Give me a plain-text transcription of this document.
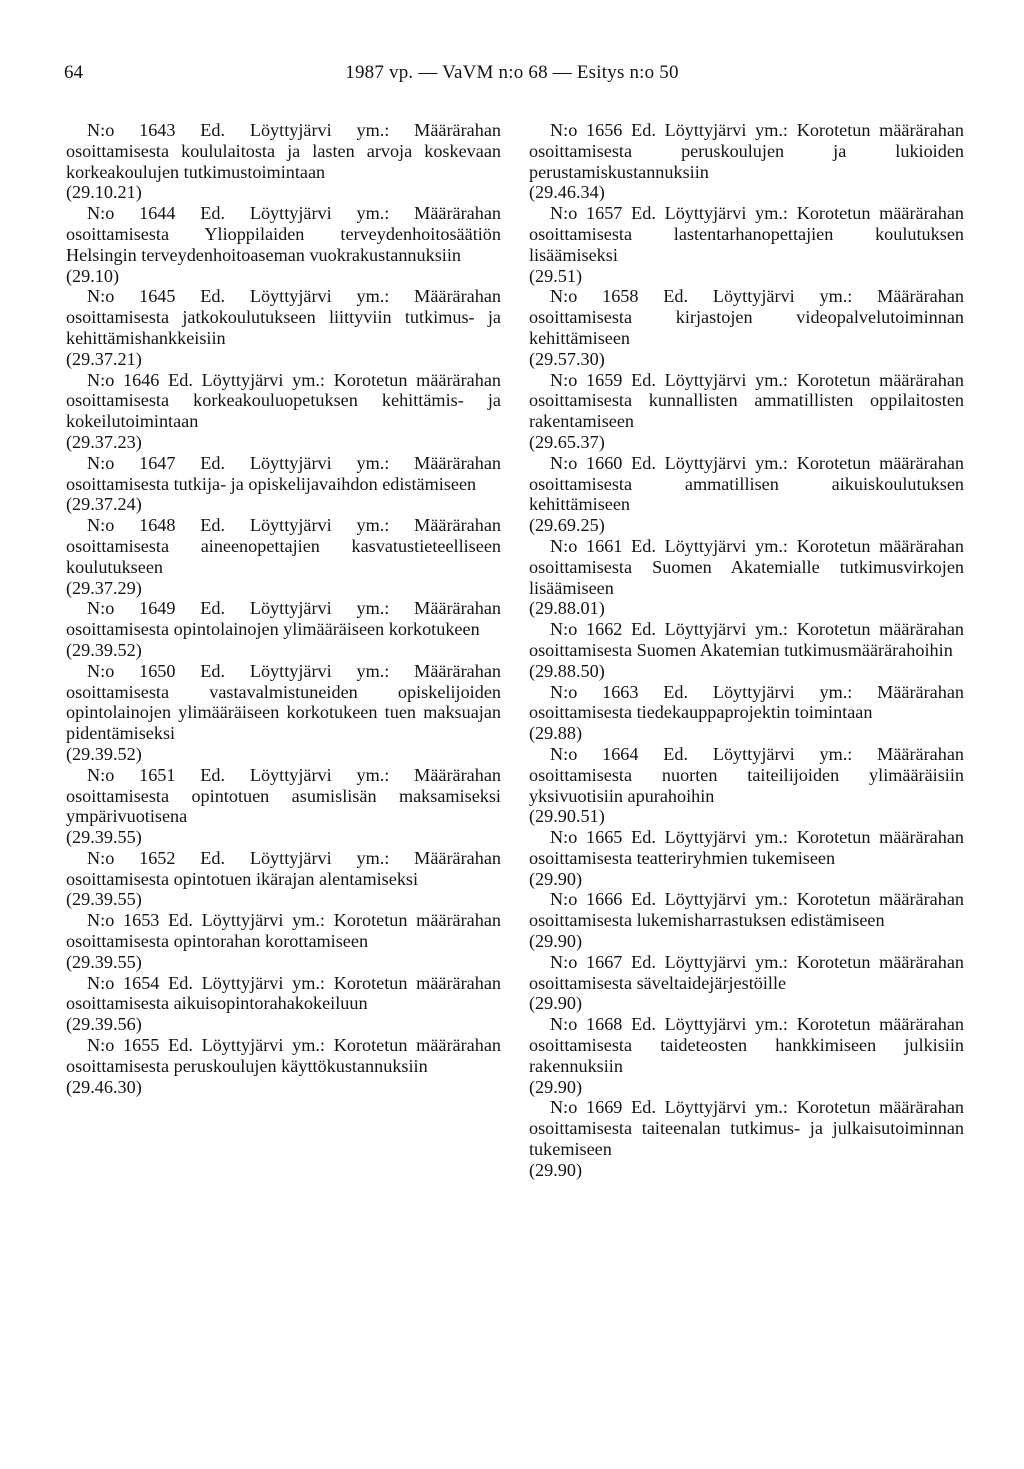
64	1987 vp. — VaVM n:o 68 — Esitys n:o 50

N:o 1643 Ed. Löyttyjärvi ym.: Määrärahan osoittamisesta koululaitosta ja lasten arvoja koskevaan korkeakoulujen tutkimustoimintaan

(29.10.21)

N:o 1644 Ed. Löyttyjärvi ym.: Määrärahan osoittamisesta Ylioppilaiden terveydenhoitosäätiön Helsingin terveydenhoitoaseman vuokrakustannuksiin

(29.10)

N:o 1645 Ed. Löyttyjärvi ym.: Määrärahan osoittamisesta jatkokoulutukseen liittyviin tutkimus- ja kehittämishankkeisiin

(29.37.21)

N:o 1646 Ed. Löyttyjärvi ym.: Korotetun määrärahan osoittamisesta korkeakouluopetuksen kehittämis- ja kokeilutoimintaan

(29.37.23)

N:o 1647 Ed. Löyttyjärvi ym.: Määrärahan osoittamisesta tutkija- ja opiskelijavaihdon edistämiseen

(29.37.24)

N:o 1648 Ed. Löyttyjärvi ym.: Määrärahan osoittamisesta aineenopettajien kasvatustieteelliseen koulutukseen

(29.37.29)

N:o 1649 Ed. Löyttyjärvi ym.: Määrärahan osoittamisesta opintolainojen ylimääräiseen korkotukeen

(29.39.52)

N:o 1650 Ed. Löyttyjärvi ym.: Määrärahan osoittamisesta vastavalmistuneiden opiskelijoiden opintolainojen ylimääräiseen korkotukeen tuen maksuajan pidentämiseksi

(29.39.52)

N:o 1651 Ed. Löyttyjärvi ym.: Määrärahan osoittamisesta opintotuen asumislisän maksamiseksi ympärivuotisena

(29.39.55)

N:o 1652 Ed. Löyttyjärvi ym.: Määrärahan osoittamisesta opintotuen ikärajan alentamiseksi

(29.39.55)

N:o 1653 Ed. Löyttyjärvi ym.: Korotetun määrärahan osoittamisesta opintorahan korottamiseen

(29.39.55)

N:o 1654 Ed. Löyttyjärvi ym.: Korotetun määrärahan osoittamisesta aikuisopintorahakokeiluun

(29.39.56)

N:o 1655 Ed. Löyttyjärvi ym.: Korotetun määrärahan osoittamisesta peruskoulujen käyttökustannuksiin

(29.46.30)

N:o 1656 Ed. Löyttyjärvi ym.: Korotetun määrärahan osoittamisesta peruskoulujen ja lukioiden perustamiskustannuksiin

(29.46.34)

N:o 1657 Ed. Löyttyjärvi ym.: Korotetun määrärahan osoittamisesta lastentarhanopettajien koulutuksen lisäämiseksi

(29.51)

N:o 1658 Ed. Löyttyjärvi ym.: Määrärahan osoittamisesta kirjastojen videopalvelutoiminnan kehittämiseen

(29.57.30)

N:o 1659 Ed. Löyttyjärvi ym.: Korotetun määrärahan osoittamisesta kunnallisten ammatillisten oppilaitosten rakentamiseen

(29.65.37)

N:o 1660 Ed. Löyttyjärvi ym.: Korotetun määrärahan osoittamisesta ammatillisen aikuiskoulutuksen kehittämiseen

(29.69.25)

N:o 1661 Ed. Löyttyjärvi ym.: Korotetun määrärahan osoittamisesta Suomen Akatemialle tutkimusvirkojen lisäämiseen

(29.88.01)

N:o 1662 Ed. Löyttyjärvi ym.: Korotetun määrärahan osoittamisesta Suomen Akatemian tutkimusmäärärahoihin

(29.88.50)

N:o 1663 Ed. Löyttyjärvi ym.: Määrärahan osoittamisesta tiedekauppaprojektin toimintaan

(29.88)

N:o 1664 Ed. Löyttyjärvi ym.: Määrärahan osoittamisesta nuorten taiteilijoiden ylimääräisiin yksivuotisiin apurahoihin

(29.90.51)

N:o 1665 Ed. Löyttyjärvi ym.: Korotetun määrärahan osoittamisesta teatteriryhmien tukemiseen

(29.90)

N:o 1666 Ed. Löyttyjärvi ym.: Korotetun määrärahan osoittamisesta lukemisharrastuksen edistämiseen

(29.90)

N:o 1667 Ed. Löyttyjärvi ym.: Korotetun määrärahan osoittamisesta säveltaidejärjestöille

(29.90)

N:o 1668 Ed. Löyttyjärvi ym.: Korotetun määrärahan osoittamisesta taideteosten hankkimiseen julkisiin rakennuksiin

(29.90)

N:o 1669 Ed. Löyttyjärvi ym.: Korotetun määrärahan osoittamisesta taiteenalan tutkimus- ja julkaisutoiminnan tukemiseen

(29.90)
